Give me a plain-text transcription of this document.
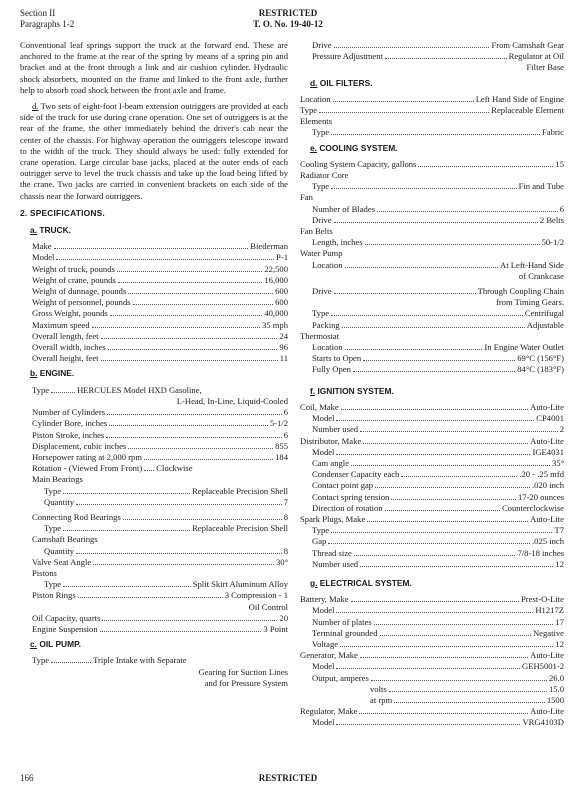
Section II
Paragraphs 1-2
RESTRICTED
T. O. No. 19-40-12

Conventional leaf springs support the truck at the forward end. These are anchored to the frame at the rear of the spring by means of a spring pin and bracket and at the front through a link and air cushion cylinder. Hydraulic shock absorbers, mounted on the frame and linked to the front axle, further help to absorb road shock between the front axle and frame.

d. Two sets of eight-foot I-beam extension outriggers are provided at each side of the truck for use during crane operation. One set of outriggers is at the rear of the frame, the other immediately behind the driver's cab near the center of the chassis. For highway operation the outriggers telescope inward to the width of the truck. They should always be used: fully extended for crane operation. Large circular base jacks, placed at the outer ends of each outrigger serve to level the truck chassis and take up the load being lifted by the crane. Two jacks are carried in convenient brackets on each side of the chassis near the forward outriggers.

2. SPECIFICATIONS.
a. TRUCK.
Make	Biederman
Model	P-1
Weight of truck, pounds	22,500
Weight of crane, pounds	16,000
Weight of dunnage, pounds	600
Weight of personnel, pounds	600
Gross Weight, pounds	40,000
Maximum speed	35 mph
Overall length, feet	24
Overall width, inches	96
Overall height, feet	11
b. ENGINE.
Type	HERCULES Model HXD Gasoline,
L-Head, In-Line, Liquid-Cooled
Number of Cylinders	6
Cylinder Bore, inches	5-1/2
Piston Stroke, inches	6
Displacement, cubic inches	855
Horsepower rating at 2,000 rpm	184
Rotation - (Viewed From Front) Clockwise
Main Bearings
Type	Replaceable Precision Shell
Quantity	7
Connecting Rod Bearings	8
Type	Replaceable Precision Shell
Camshaft Bearings
Quantity	8
Valve Seat Angle	30°
Pistons
Type	Split Skirt Aluminum Alloy
Piston Rings	3 Compression - 1
Oil Control
Oil Capacity, quarts	20
Engine Suspension	3 Point
c. OIL PUMP.
Type	Triple Intake with Separate
Gearing for Suction Lines
and for Pressure System
Drive	From Camshaft Gear
Pressure Adjustment	Regulator at Oil
Filter Base
d. OIL FILTERS.
Location	Left Hand Side of Engine
Type	Replaceable Element
Elements
Type	Fabric
e. COOLING SYSTEM.
Cooling System Capacity, gallons	15
Radiator Core
Type	Fin and Tube
Fan
Number of Blades	6
Drive	2 Belts
Fan Belts
Length, inches	50-1/2
Water Pump
Location	At Left-Hand Side
of Crankcase
Drive	Through Coupling Chain
from Timing Gears.
Type	Centrifugal
Packing	Adjustable
Thermostat
Location	In Engine Water Outlet
Starts to Open	69°C (156°F)
Fully Open	84°C (183°F)
f. IGNITION SYSTEM.
Coil, Make	Auto-Lite
Model	CP4001
Number used	2
Distributor, Make	Auto-Lite
Model	IGE4031
Cam angle	35°
Condenser Capacity each	.20 - .25 mfd
Contact point gap	.020 inch
Contact spring tension	17-20 ounces
Direction of rotation	Counterclockwise
Spark Plugs, Make	Auto-Lite
Type	T7
Gap	.025 inch
Thread size	7/8-18 inches
Number used	12
g. ELECTRICAL SYSTEM.
Battery, Make	Prest-O-Lite
Model	H1217Z
Number of plates	17
Terminal grounded	Negative
Voltage	12
Generator, Make	Auto-Lite
Model	GEH5001-2
Output, amperes	26.0
volts	15.0
at rpm	1500
Regulator, Make	Auto-Lite
Model	VRG4103D
166	RESTRICTED
